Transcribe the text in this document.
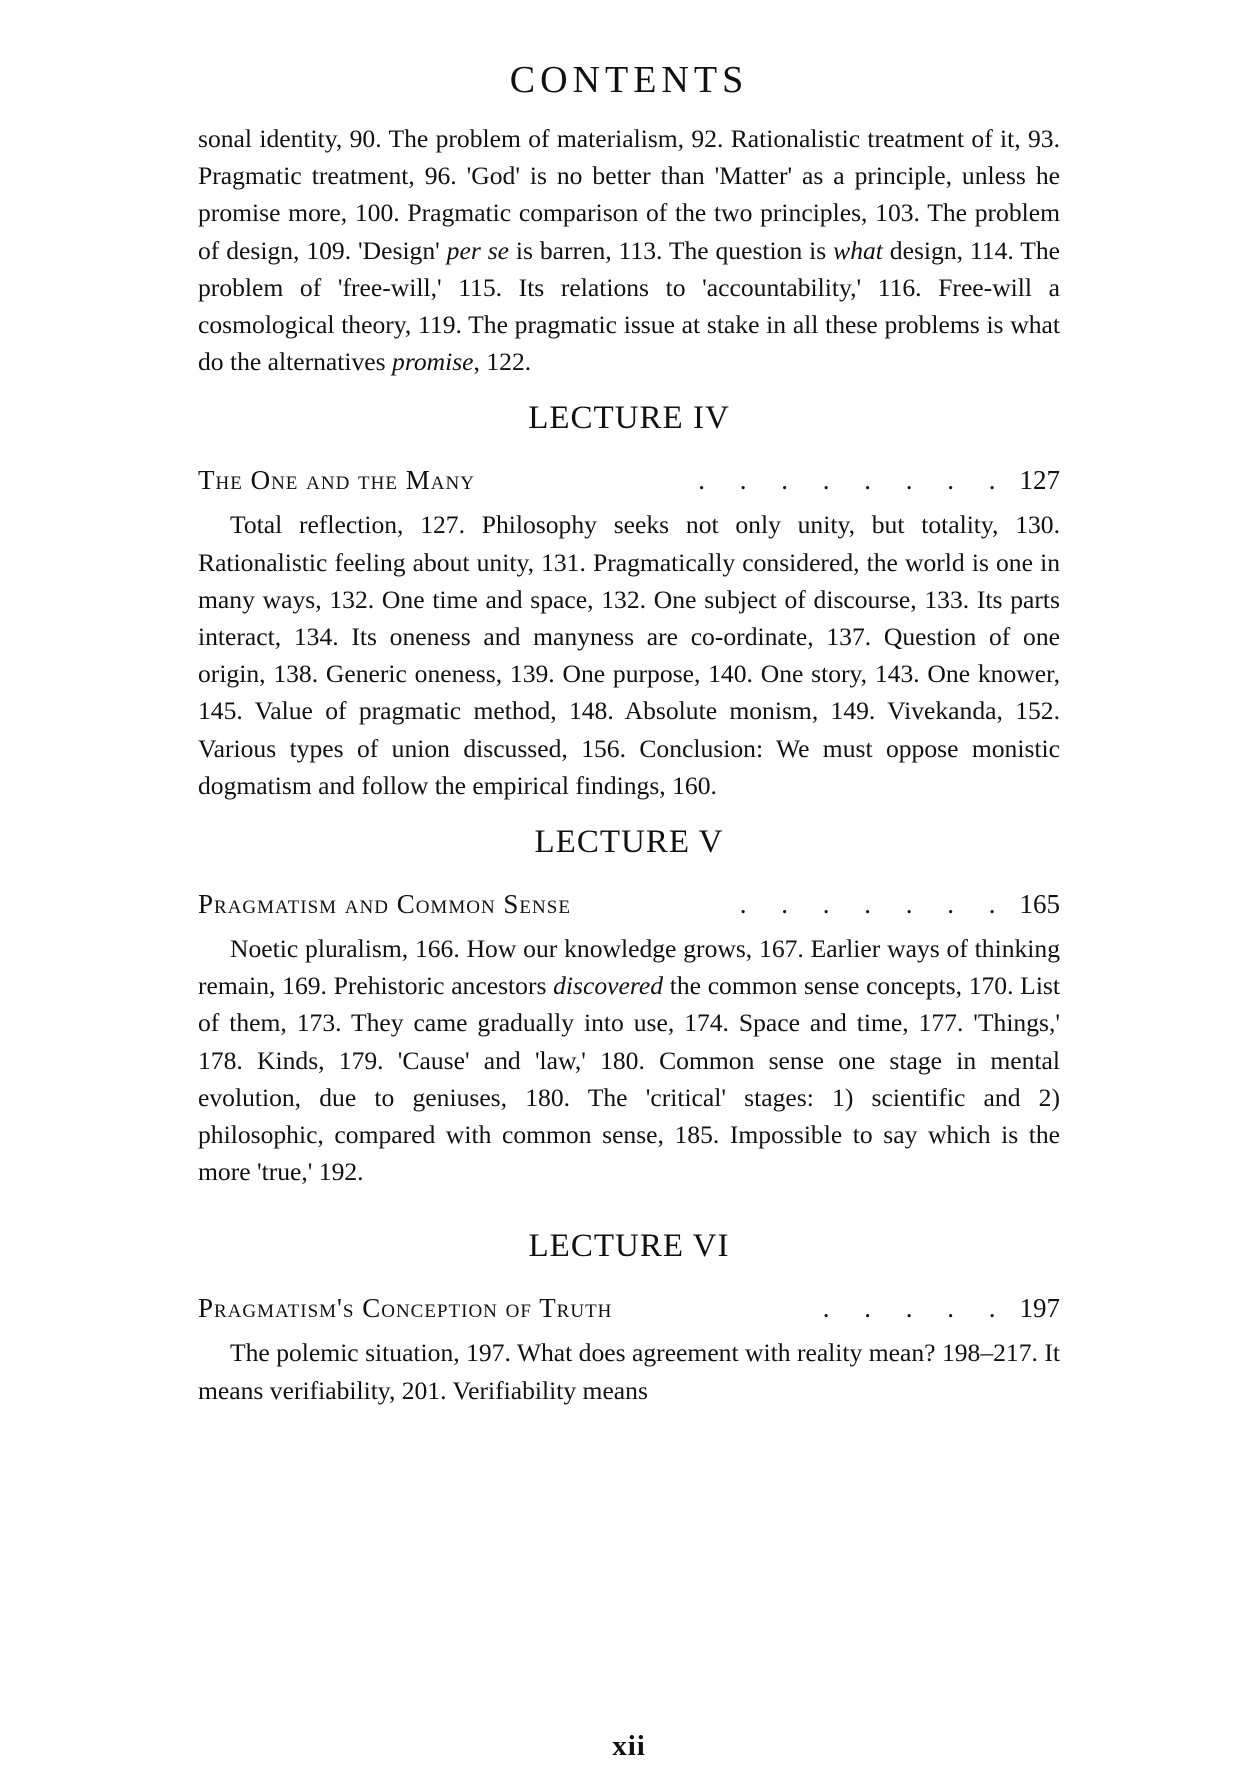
CONTENTS

sonal identity, 90. The problem of materialism, 92. Rationalistic treatment of it, 93. Pragmatic treatment, 96. 'God' is no better than 'Matter' as a principle, unless he promise more, 100. Pragmatic comparison of the two principles, 103. The problem of design, 109. 'Design' per se is barren, 113. The question is what design, 114. The problem of 'free-will,' 115. Its relations to 'accountability,' 116. Free-will a cosmological theory, 119. The pragmatic issue at stake in all these problems is what do the alternatives promise, 122.

LECTURE IV
The One and the Many	. . . . . . . . 127

Total reflection, 127. Philosophy seeks not only unity, but totality, 130. Rationalistic feeling about unity, 131. Pragmatically considered, the world is one in many ways, 132. One time and space, 132. One subject of discourse, 133. Its parts interact, 134. Its oneness and manyness are co-ordinate, 137. Question of one origin, 138. Generic oneness, 139. One purpose, 140. One story, 143. One knower, 145. Value of pragmatic method, 148. Absolute monism, 149. Vivekanda, 152. Various types of union discussed, 156. Conclusion: We must oppose monistic dogmatism and follow the empirical findings, 160.

LECTURE V
Pragmatism and Common Sense	. . . . . . . 165

Noetic pluralism, 166. How our knowledge grows, 167. Earlier ways of thinking remain, 169. Prehistoric ancestors discovered the common sense concepts, 170. List of them, 173. They came gradually into use, 174. Space and time, 177. 'Things,' 178. Kinds, 179. 'Cause' and 'law,' 180. Common sense one stage in mental evolution, due to geniuses, 180. The 'critical' stages: 1) scientific and 2) philosophic, compared with common sense, 185. Impossible to say which is the more 'true,' 192.

LECTURE VI
Pragmatism's Conception of Truth	. . . . . 197

The polemic situation, 197. What does agreement with reality mean? 198–217. It means verifiability, 201. Verifiability means

xii
